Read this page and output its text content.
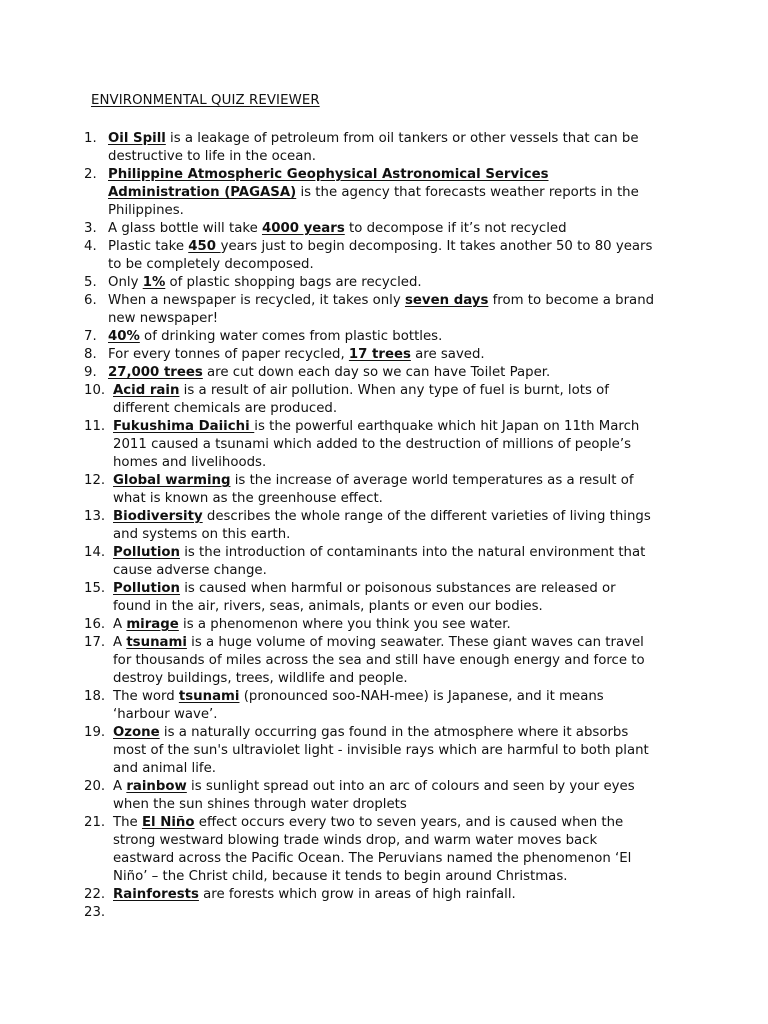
ENVIRONMENTAL QUIZ REVIEWER
1. Oil Spill is a leakage of petroleum from oil tankers or other vessels that can be
destructive to life in the ocean.
2. Philippine Atmospheric Geophysical Astronomical Services
Administration (PAGASA) is the agency that forecasts weather reports in the
Philippines.
3. A glass bottle will take 4000 years to decompose if it’s not recycled
4. Plastic take 450 years just to begin decomposing. It takes another 50 to 80 years
to be completely decomposed.
5. Only 1% of plastic shopping bags are recycled.
6. When a newspaper is recycled, it takes only seven days from to become a brand
new newspaper!
7. 40% of drinking water comes from plastic bottles.
8. For every tonnes of paper recycled, 17 trees are saved.
9. 27,000 trees are cut down each day so we can have Toilet Paper.
10. Acid rain is a result of air pollution. When any type of fuel is burnt, lots of
different chemicals are produced.
11. Fukushima Daiichi is the powerful earthquake which hit Japan on 11th March
2011 caused a tsunami which added to the destruction of millions of people’s
homes and livelihoods.
12. Global warming is the increase of average world temperatures as a result of
what is known as the greenhouse effect.
13. Biodiversity describes the whole range of the different varieties of living things
and systems on this earth.
14. Pollution is the introduction of contaminants into the natural environment that
cause adverse change.
15. Pollution is caused when harmful or poisonous substances are released or
found in the air, rivers, seas, animals, plants or even our bodies.
16. A mirage is a phenomenon where you think you see water.
17. A tsunami is a huge volume of moving seawater. These giant waves can travel
for thousands of miles across the sea and still have enough energy and force to
destroy buildings, trees, wildlife and people.
18. The word tsunami (pronounced soo-NAH-mee) is Japanese, and it means
‘harbour wave’.
19. Ozone is a naturally occurring gas found in the atmosphere where it absorbs
most of the sun's ultraviolet light - invisible rays which are harmful to both plant
and animal life.
20. A rainbow is sunlight spread out into an arc of colours and seen by your eyes
when the sun shines through water droplets
21. The El Niño effect occurs every two to seven years, and is caused when the
strong westward blowing trade winds drop, and warm water moves back
eastward across the Pacific Ocean. The Peruvians named the phenomenon ‘El
Niño’ – the Christ child, because it tends to begin around Christmas.
22. Rainforests are forests which grow in areas of high rainfall.
23.
